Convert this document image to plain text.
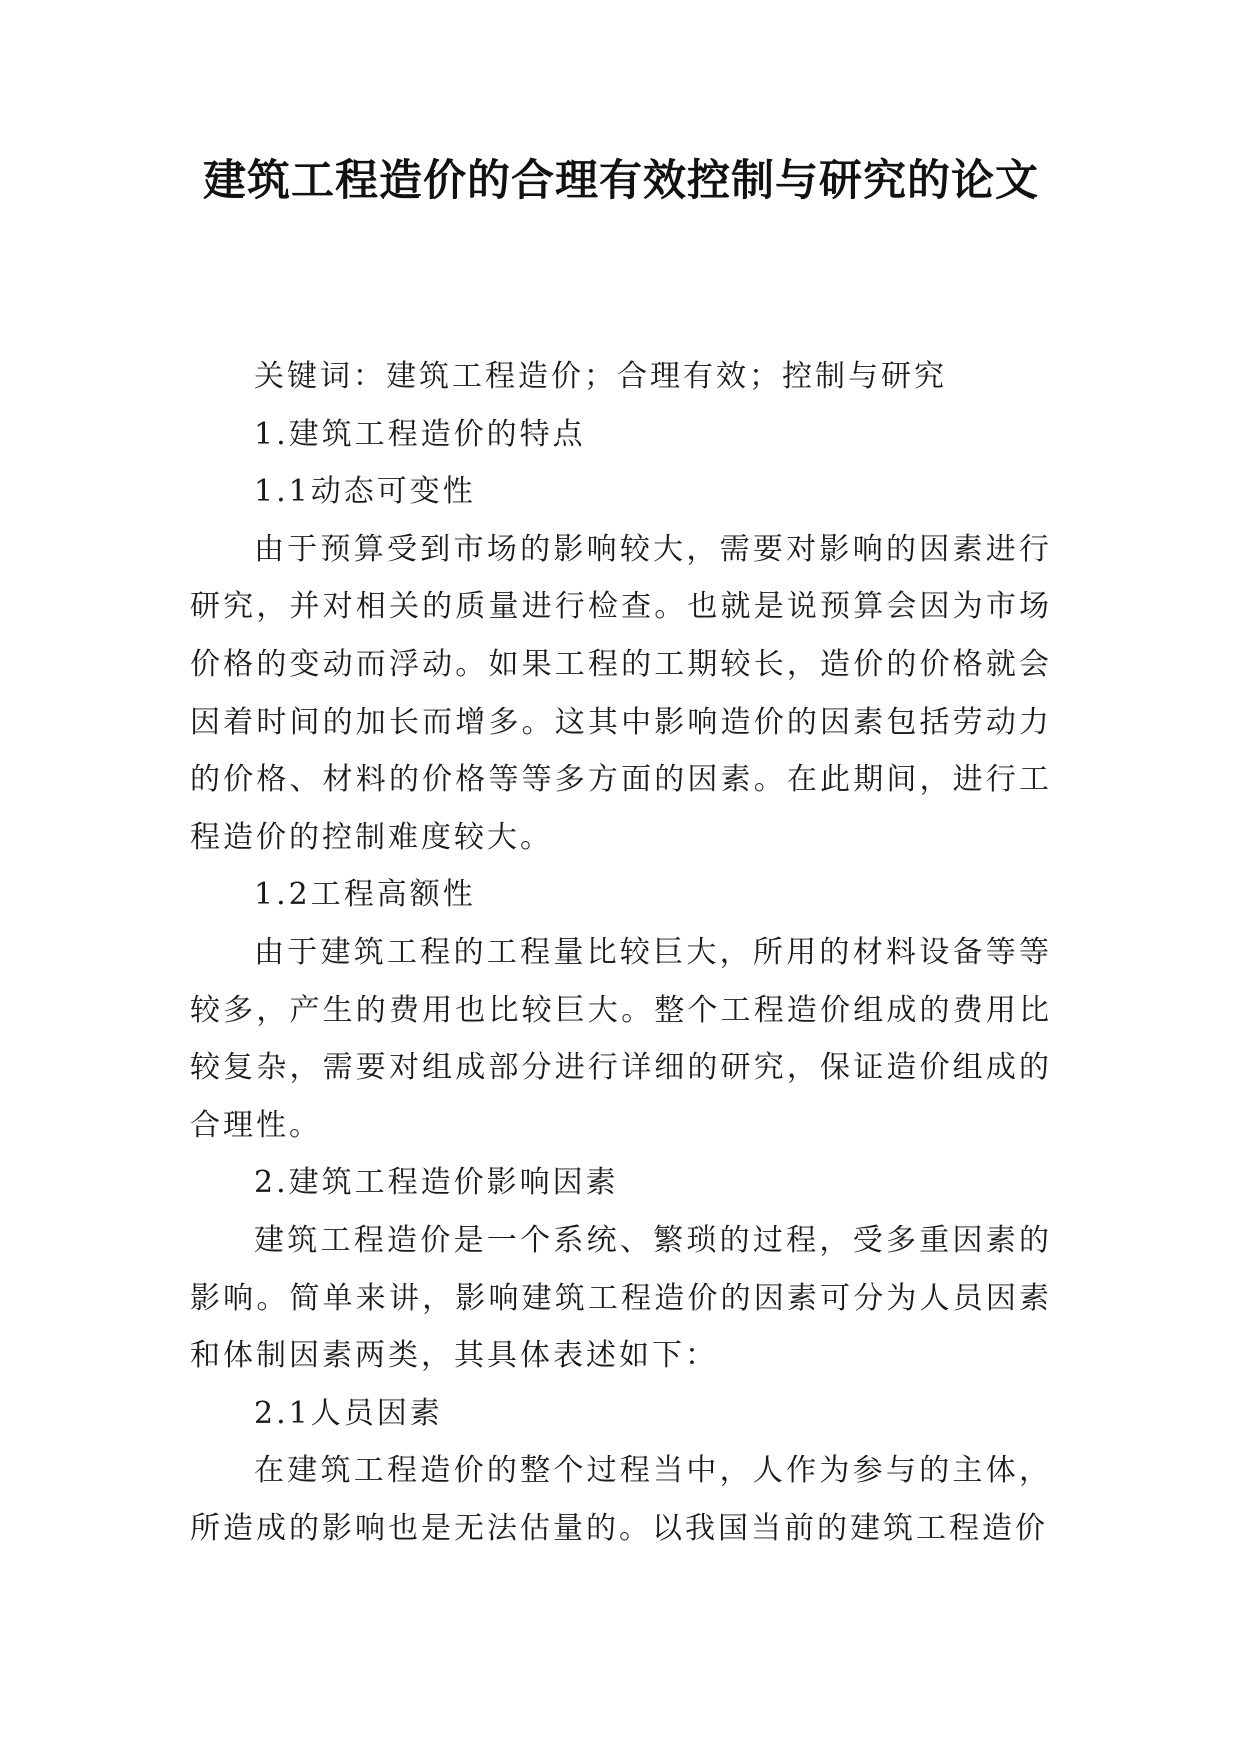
建筑工程造价的合理有效控制与研究的论文

关键词：建筑工程造价；合理有效；控制与研究

1.建筑工程造价的特点

1.1动态可变性

由于预算受到市场的影响较大，需要对影响的因素进行研究，并对相关的质量进行检查。也就是说预算会因为市场价格的变动而浮动。如果工程的工期较长，造价的价格就会因着时间的加长而增多。这其中影响造价的因素包括劳动力的价格、材料的价格等等多方面的因素。在此期间，进行工程造价的控制难度较大。

1.2工程高额性

由于建筑工程的工程量比较巨大，所用的材料设备等等较多，产生的费用也比较巨大。整个工程造价组成的费用比较复杂，需要对组成部分进行详细的研究，保证造价组成的合理性。

2.建筑工程造价影响因素

建筑工程造价是一个系统、繁琐的过程，受多重因素的影响。简单来讲，影响建筑工程造价的因素可分为人员因素和体制因素两类，其具体表述如下：

2.1人员因素

在建筑工程造价的整个过程当中，人作为参与的主体，所造成的影响也是无法估量的。以我国当前的建筑工程造价
